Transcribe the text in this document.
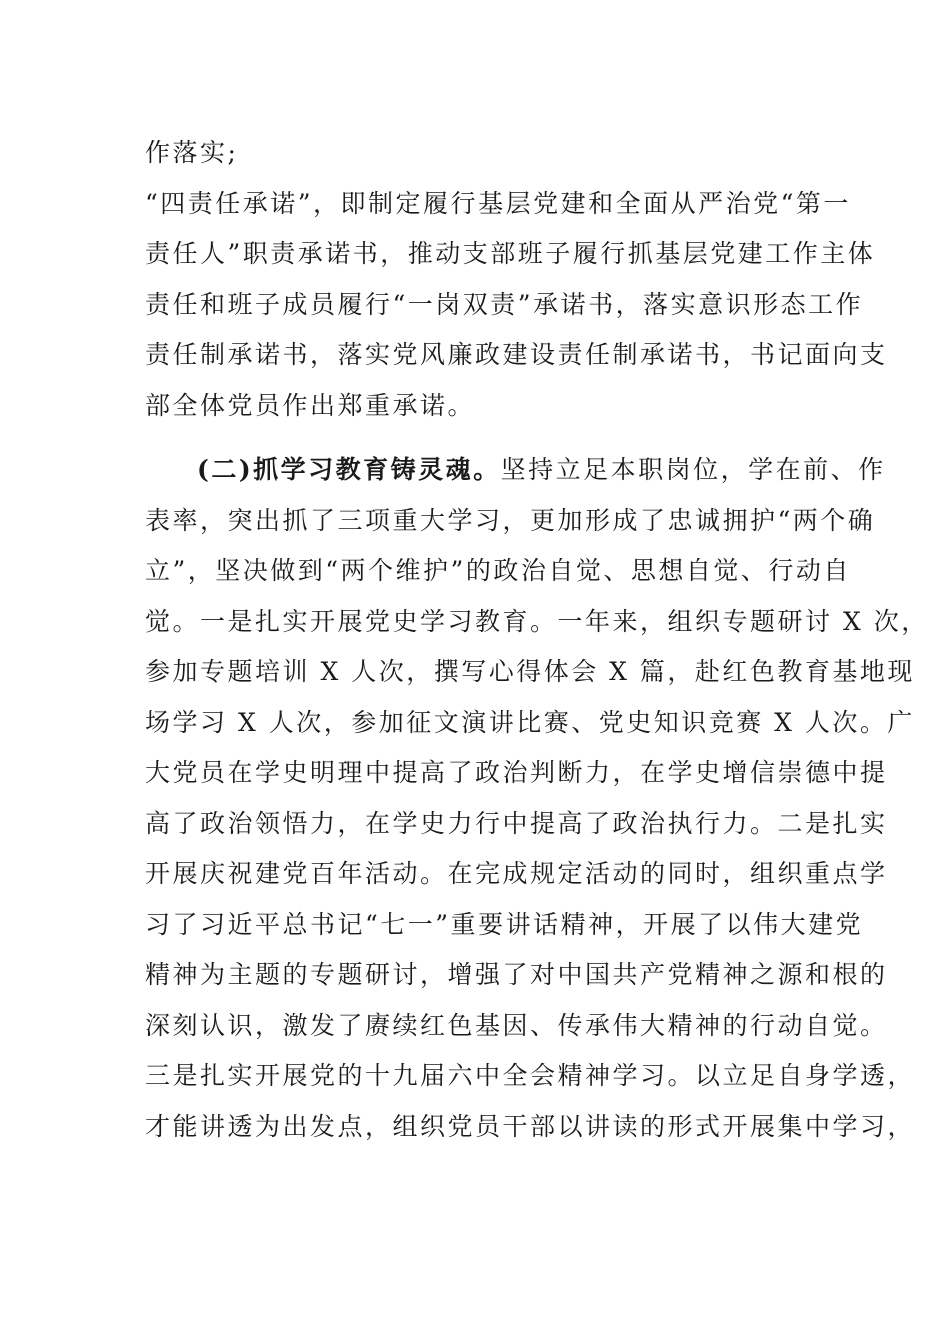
作落实;
“四责任承诺”，即制定履行基层党建和全面从严治党“第一
责任人”职责承诺书，推动支部班子履行抓基层党建工作主体
责任和班子成员履行“一岗双责”承诺书，落实意识形态工作
责任制承诺书，落实党风廉政建设责任制承诺书，书记面向支
部全体党员作出郑重承诺。
(二)抓学习教育铸灵魂。坚持立足本职岗位，学在前、作
表率，突出抓了三项重大学习，更加形成了忠诚拥护“两个确
立”，坚决做到“两个维护”的政治自觉、思想自觉、行动自
觉。一是扎实开展党史学习教育。一年来，组织专题研讨 X 次，
参加专题培训 X 人次，撰写心得体会 X 篇，赴红色教育基地现
场学习 X 人次，参加征文演讲比赛、党史知识竞赛 X 人次。广
大党员在学史明理中提高了政治判断力，在学史增信崇德中提
高了政治领悟力，在学史力行中提高了政治执行力。二是扎实
开展庆祝建党百年活动。在完成规定活动的同时，组织重点学
习了习近平总书记“七一”重要讲话精神，开展了以伟大建党
精神为主题的专题研讨，增强了对中国共产党精神之源和根的
深刻认识，激发了赓续红色基因、传承伟大精神的行动自觉。
三是扎实开展党的十九届六中全会精神学习。以立足自身学透，
才能讲透为出发点，组织党员干部以讲读的形式开展集中学习，
